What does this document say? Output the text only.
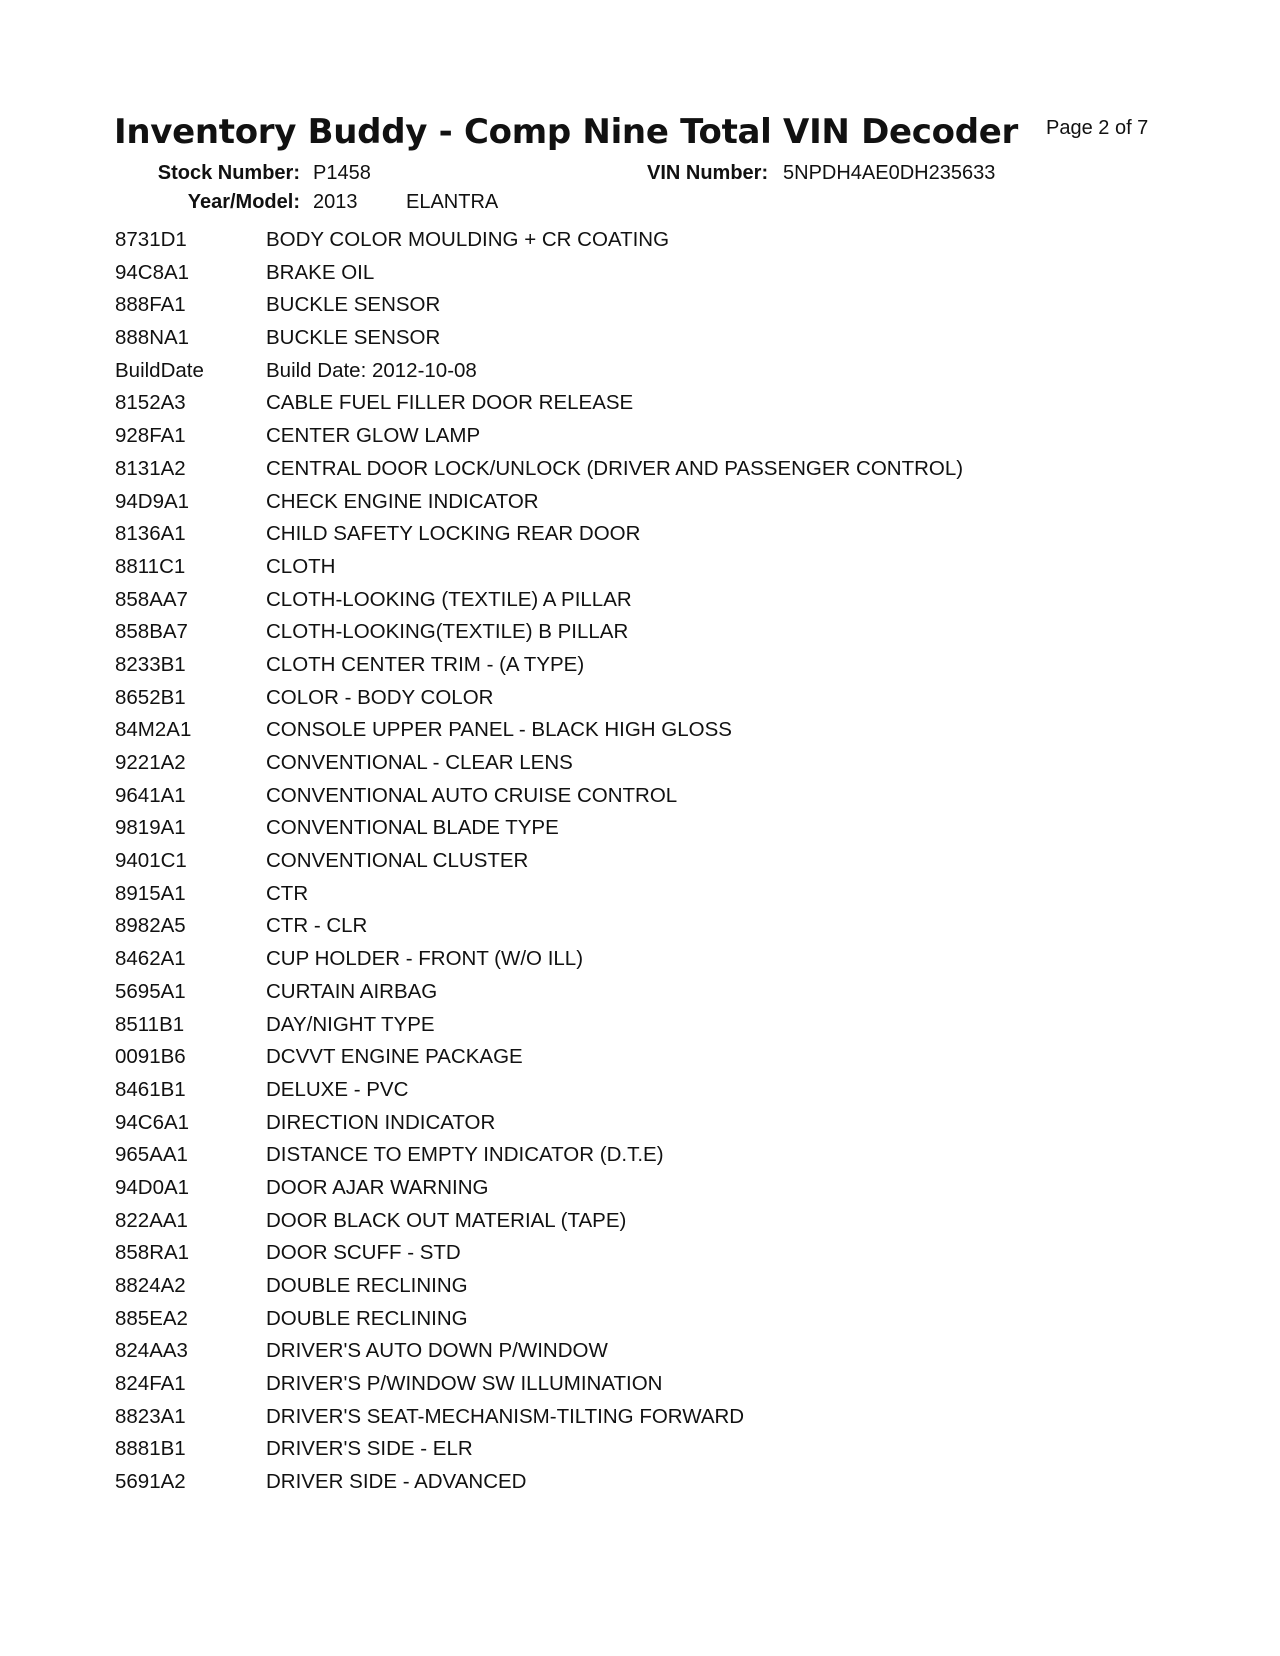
Inventory Buddy - Comp Nine Total VIN Decoder Page 2 of 7
Stock Number: P1458	VIN Number: 5NPDH4AE0DH235633
Year/Model: 2013 ELANTRA
8731D1	BODY COLOR MOULDING + CR COATING
94C8A1	BRAKE OIL
888FA1	BUCKLE SENSOR
888NA1	BUCKLE SENSOR
BuildDate	Build Date: 2012-10-08
8152A3	CABLE FUEL FILLER DOOR RELEASE
928FA1	CENTER GLOW LAMP
8131A2	CENTRAL DOOR LOCK/UNLOCK (DRIVER AND PASSENGER CONTROL)
94D9A1	CHECK ENGINE INDICATOR
8136A1	CHILD SAFETY LOCKING REAR DOOR
8811C1	CLOTH
858AA7	CLOTH-LOOKING (TEXTILE) A PILLAR
858BA7	CLOTH-LOOKING(TEXTILE) B PILLAR
8233B1	CLOTH CENTER TRIM - (A TYPE)
8652B1	COLOR - BODY COLOR
84M2A1	CONSOLE UPPER PANEL - BLACK HIGH GLOSS
9221A2	CONVENTIONAL - CLEAR LENS
9641A1	CONVENTIONAL AUTO CRUISE CONTROL
9819A1	CONVENTIONAL BLADE TYPE
9401C1	CONVENTIONAL CLUSTER
8915A1	CTR
8982A5	CTR - CLR
8462A1	CUP HOLDER - FRONT (W/O ILL)
5695A1	CURTAIN AIRBAG
8511B1	DAY/NIGHT TYPE
0091B6	DCVVT ENGINE PACKAGE
8461B1	DELUXE - PVC
94C6A1	DIRECTION INDICATOR
965AA1	DISTANCE TO EMPTY INDICATOR (D.T.E)
94D0A1	DOOR AJAR WARNING
822AA1	DOOR BLACK OUT MATERIAL (TAPE)
858RA1	DOOR SCUFF - STD
8824A2	DOUBLE RECLINING
885EA2	DOUBLE RECLINING
824AA3	DRIVER'S AUTO DOWN P/WINDOW
824FA1	DRIVER'S P/WINDOW SW ILLUMINATION
8823A1	DRIVER'S SEAT-MECHANISM-TILTING FORWARD
8881B1	DRIVER'S SIDE - ELR
5691A2	DRIVER SIDE - ADVANCED
